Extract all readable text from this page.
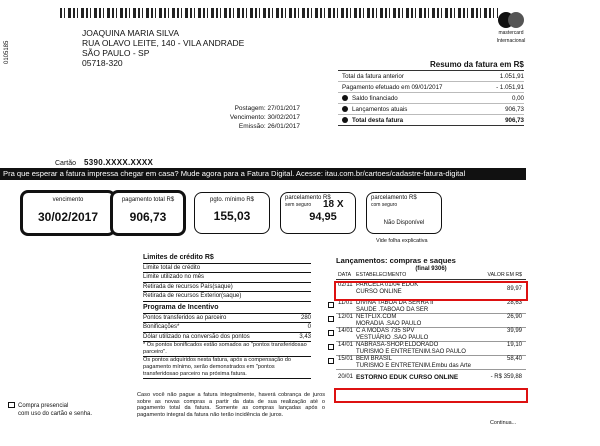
0105185
JOAQUINA MARIA SILVA
RUA OLAVO LEITE, 140 - VILA ANDRADE
SÃO PAULO - SP
05718-320
Postagem: 27/01/2017
Vencimento: 30/02/2017
Emissão: 26/01/2017
mastercard
Internacional
Resumo da fatura em R$
Total da fatura anterior	1.051,91
Pagamento efetuado em 09/01/2017	- 1.051,91
Saldo financiado	0,00
Lançamentos atuais	906,73
Total desta fatura	906,73
Cartão 5390.XXXX.XXXX
Pra que esperar a fatura impressa chegar em casa? Mude agora para a Fatura Digital. Acesse: itau.com.br/cartoes/cadastre-fatura-digital
vencimento
30/02/2017
pagamento total R$
906,73
pgto. mínimo R$
155,03
parcelamento R$
sem seguro	18 X
94,95
parcelamento R$
com seguro
Não Disponível
Vide folha explicativa
Limites de crédito R$
Limite total de crédito
Limite utilizado no mês
Retirada de recursos País(saque)
Retirada de recursos Exterior(saque)
Programa de Incentivo
Pontos transferidos ao parceiro	280
Bonificações*	0
Dólar utilizado na conversão dos pontos	3,43
* Os pontos bonificados estão somados ao "pontos transferidosao parceiro".
Os pontos adquiridos nesta fatura, após a compensação do pagamento mínimo, serão demonstrados em "pontos transferidosao parceiro na próxima fatura.
Lançamentos: compras e saques
(final 9306)
DATA ESTABELECIMENTO	VALOR EM R$
02/11 PARCELA 01/04 EDUK
CURSO ONLINE	89,97
11/01 DIVINA TABOA DA SERRA II
SAUDE .TABOAO DA SER
28,63
12/01 NETFLIX.COM
MORADIA .SAO PAULO
26,90
14/01 C A MODAS 735 SPV
VESTUÁRIO .SAO PAULO
39,99
14/01 NABRASA-SHOP.ELDORADO
TURISMO E ENTRETENIM.SAO PAULO
19,10
15/01 BEM BRASIL
TURISMO E ENTRETENIM.Embu das Arte
58,40
20/01 ESTORNO EDUK CURSO ONLINE	- R$ 359,88
Continua...
Caso você não pague a fatura integralmente, haverá cobrança de juros sobre as novas compras a partir da data de sua realização até o pagamento total da fatura. Somente as compras lançadas após o pagamento integral da fatura não terão incidência de juros.
Compra presencial
com uso do cartão e senha.
